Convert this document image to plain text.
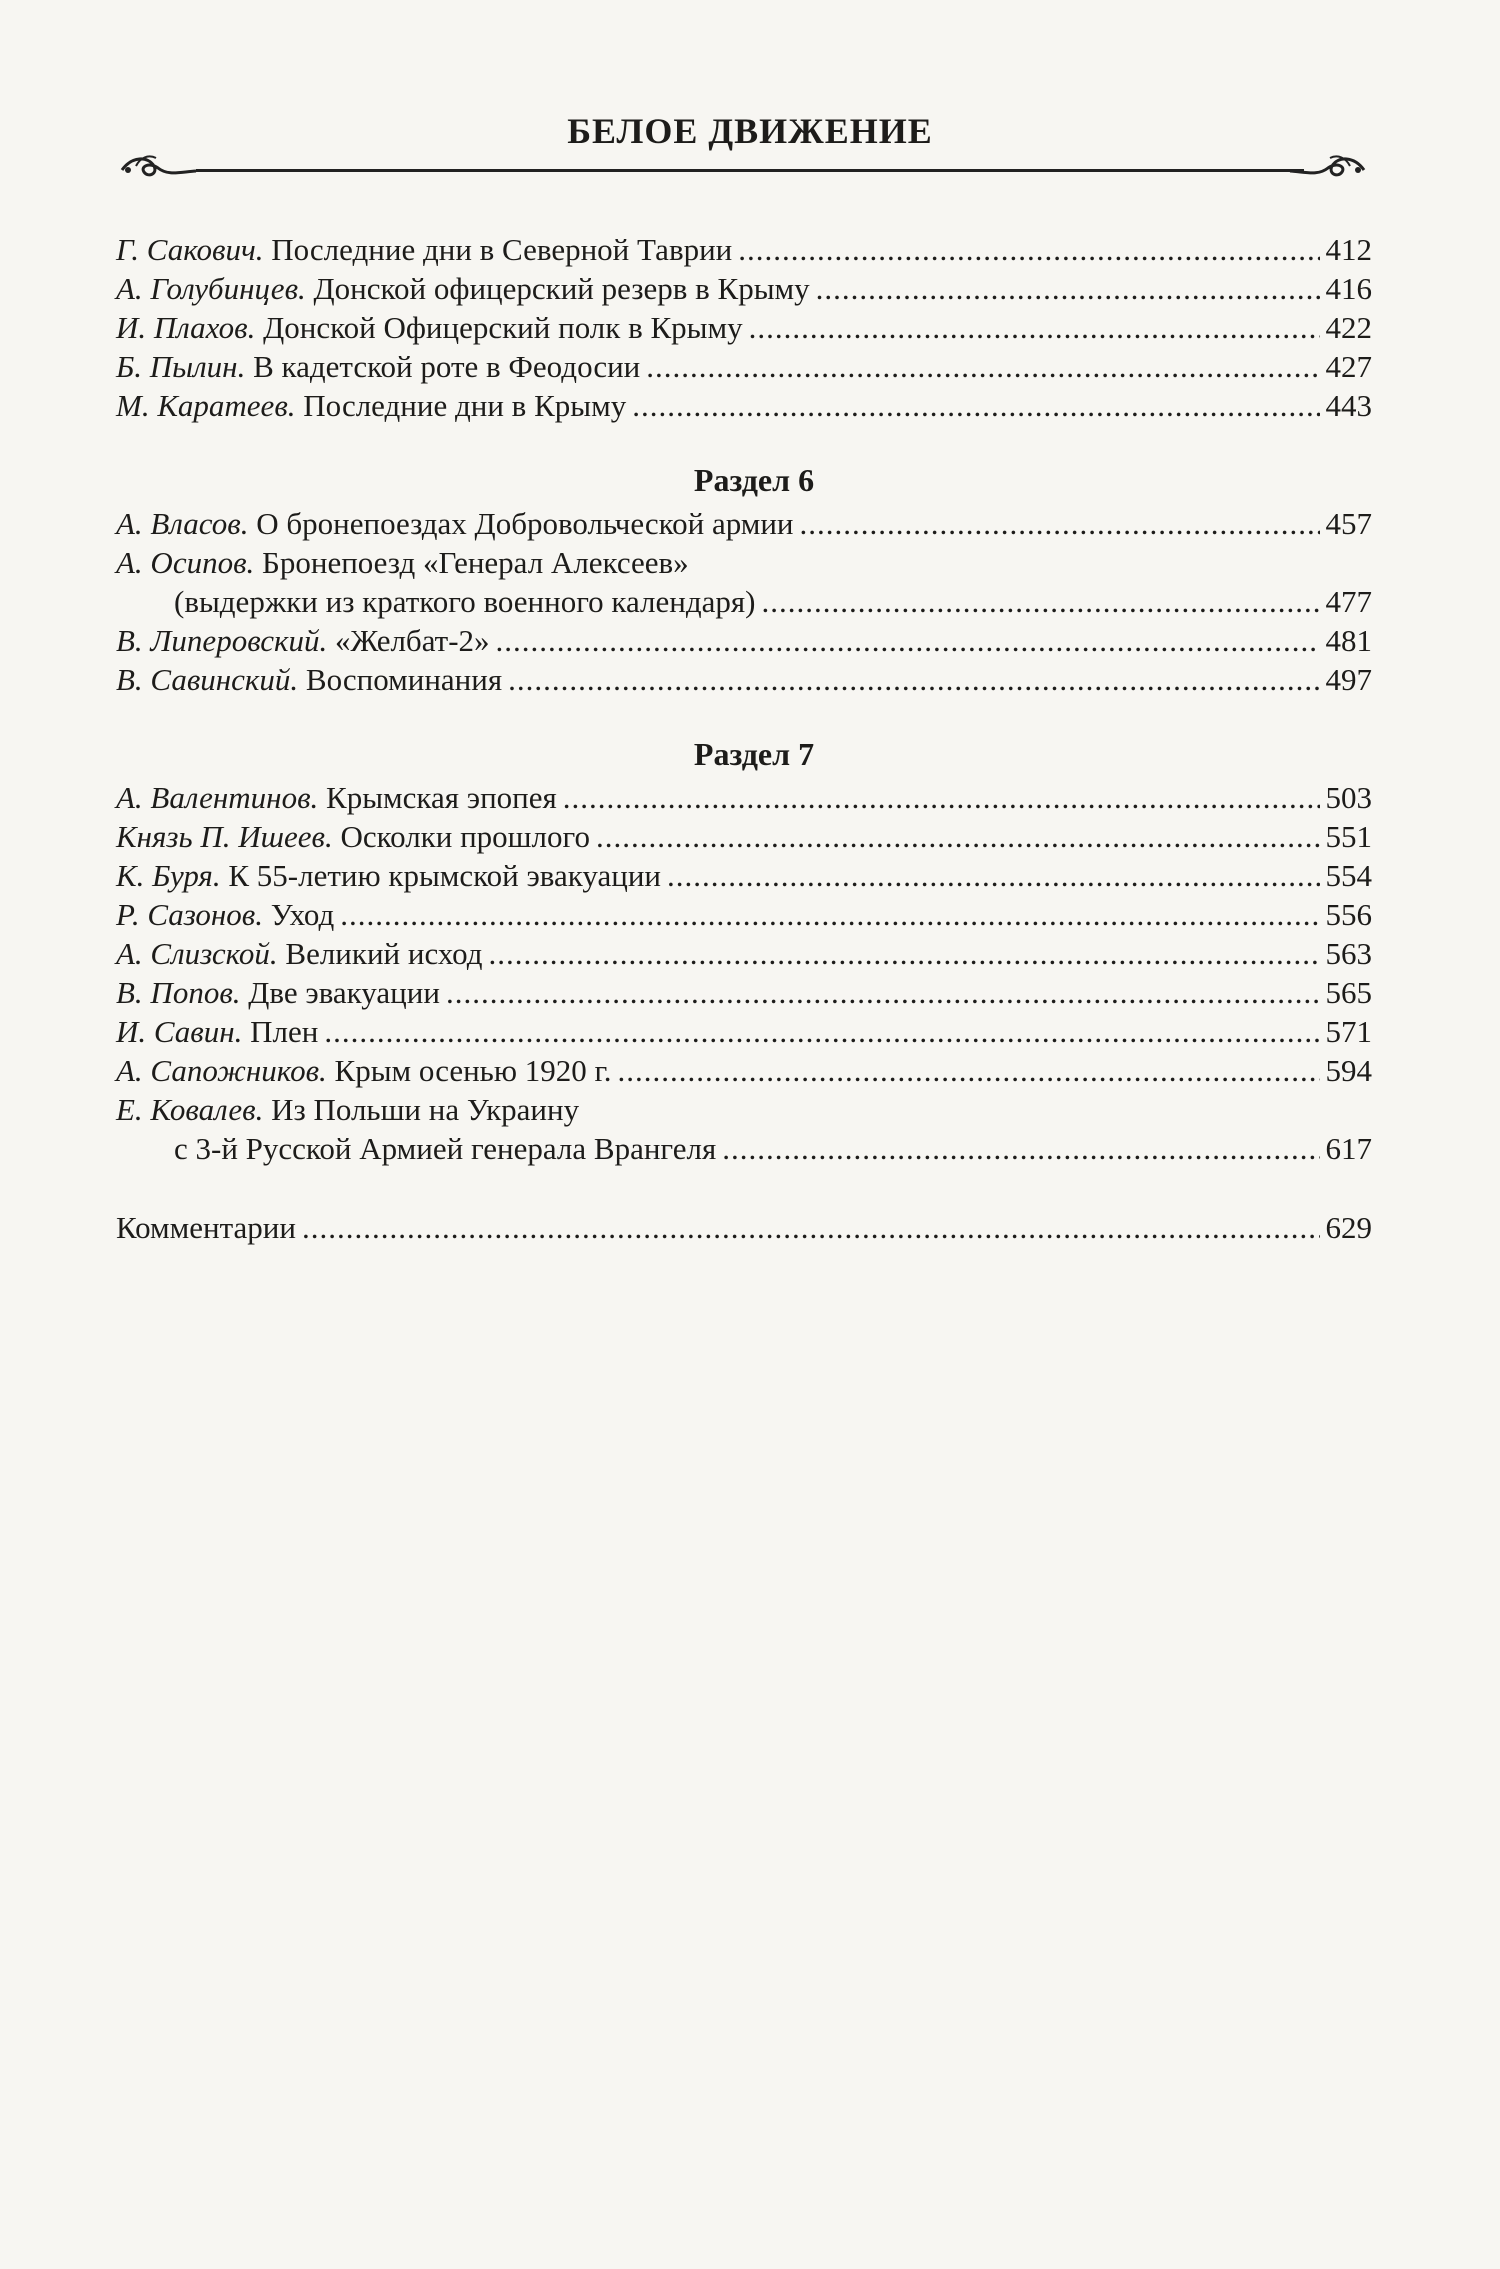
БЕЛОЕ ДВИЖЕНИЕ

Г. Сакович. Последние дни в Северной Таврии .....	412
А. Голубинцев. Донской офицерский резерв в Крыму .....	416
И. Плахов. Донской Офицерский полк в Крыму .....	422
Б. Пылин. В кадетской роте в Феодосии .....	427
М. Каратеев. Последние дни в Крыму .....	443
Раздел 6
А. Власов. О бронепоездах Добровольческой армии .....	457
А. Осипов. Бронепоезд «Генерал Алексеев»
(выдержки из краткого военного календаря) .....	477
В. Липеровский. «Желбат-2» .....	481
В. Савинский. Воспоминания .....	497
Раздел 7
А. Валентинов. Крымская эпопея .....	503
Князь П. Ишеев. Осколки прошлого .....	551
К. Буря. К 55-летию крымской эвакуации .....	554
Р. Сазонов. Уход .....	556
А. Слизской. Великий исход .....	563
В. Попов. Две эвакуации .....	565
И. Савин. Плен .....	571
А. Сапожников. Крым осенью 1920 г. .....	594
Е. Ковалев. Из Польши на Украину
с 3-й Русской Армией генерала Врангеля .....	617
Комментарии .....	629
